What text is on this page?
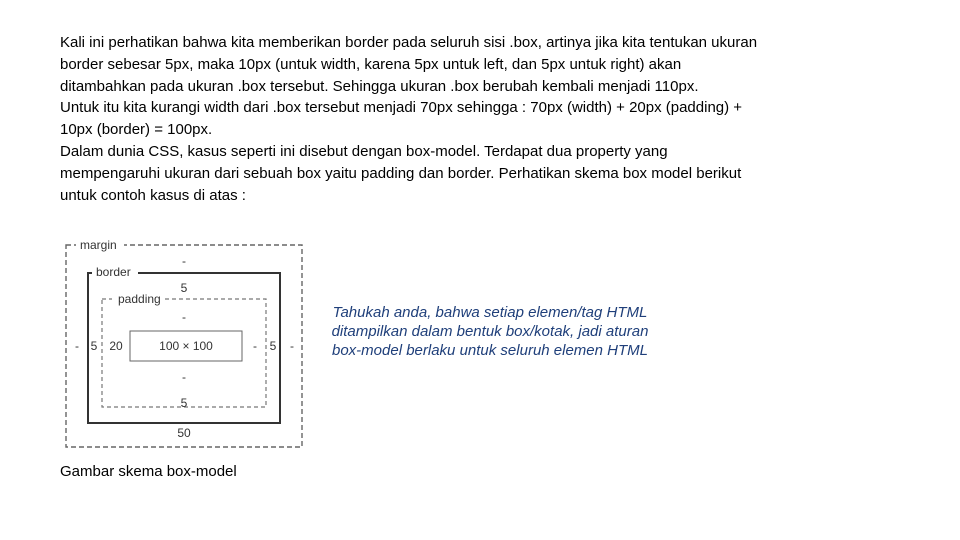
Kali ini perhatikan bahwa kita memberikan border pada seluruh sisi .box, artinya jika kita tentukan ukuran border sebesar 5px, maka 10px (untuk width, karena 5px untuk left, dan 5px untuk right) akan ditambahkan pada ukuran .box tersebut. Sehingga ukuran .box berubah kembali menjadi 110px.

Untuk itu kita kurangi width dari .box tersebut menjadi 70px sehingga : 70px (width) + 20px (padding) + 10px (border) = 100px.

Dalam dunia CSS, kasus seperti ini disebut dengan box-model. Terdapat dua property yang mempengaruhi ukuran dari sebuah box yaitu padding dan border. Perhatikan skema box model berikut untuk contoh kasus di atas :

margin
border
padding
100 × 100
-
-	-
50
5
5	5
5
-
20	-
-
Tahukah anda, bahwa setiap elemen/tag HTML ditampilkan dalam bentuk box/kotak, jadi aturan box-model berlaku untuk seluruh elemen HTML
Gambar skema box-model
